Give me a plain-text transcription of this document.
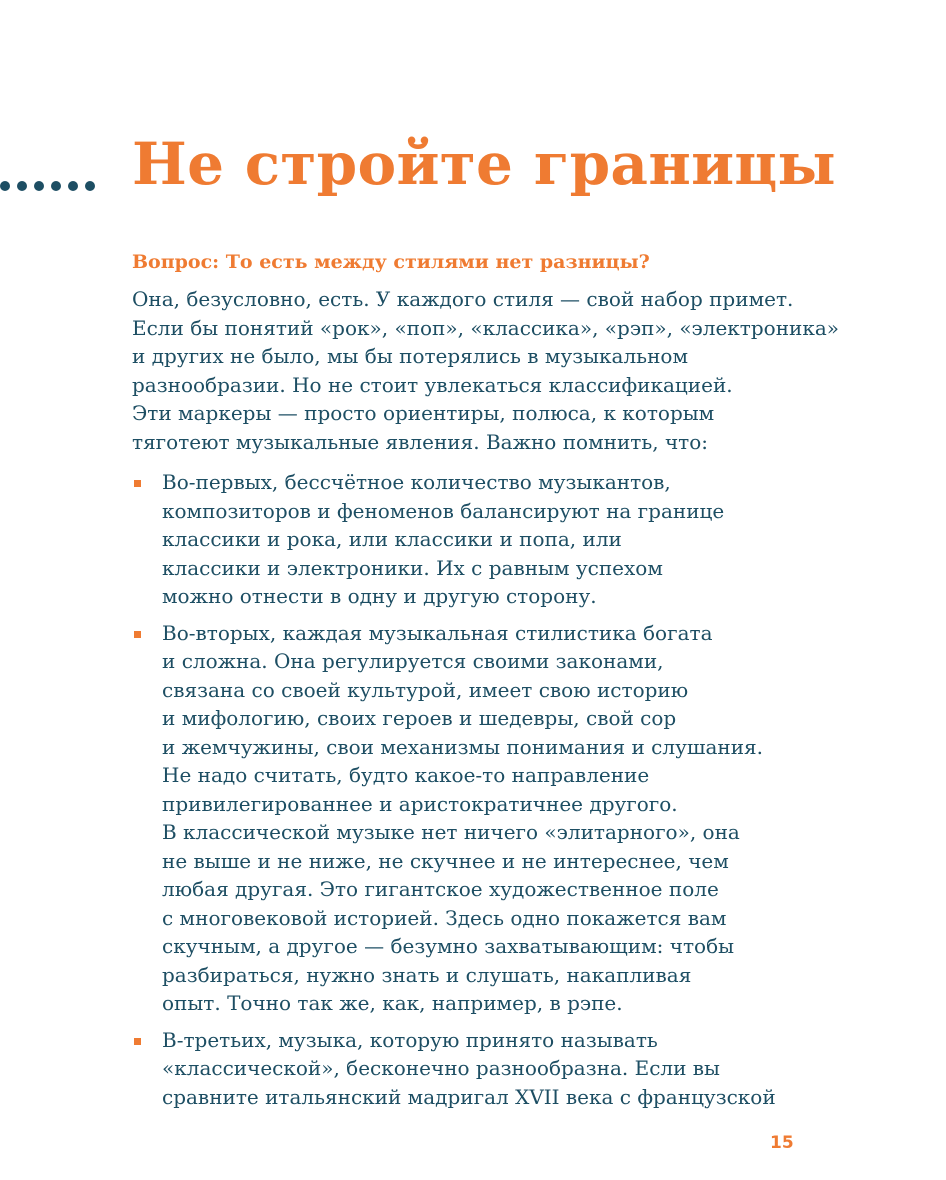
Не стройте границы

Вопрос: То есть между стилями нет разницы?

Она, безусловно, есть. У каждого стиля — свой набор примет.
Если бы понятий «рок», «поп», «классика», «рэп», «электроника»
и других не было, мы бы потерялись в музыкальном
разнообразии. Но не стоит увлекаться классификацией.
Эти маркеры — просто ориентиры, полюса, к которым
тяготеют музыкальные явления. Важно помнить, что:
Во-первых, бессчётное количество музыкантов,
композиторов и феноменов балансируют на границе
классики и рока, или классики и попа, или
классики и электроники. Их с равным успехом
можно отнести в одну и другую сторону.
Во-вторых, каждая музыкальная стилистика богата
и сложна. Она регулируется своими законами,
связана со своей культурой, имеет свою историю
и мифологию, своих героев и шедевры, свой сор
и жемчужины, свои механизмы понимания и слушания.
Не надо считать, будто какое-то направление
привилегированнее и аристократичнее другого.
В классической музыке нет ничего «элитарного», она
не выше и не ниже, не скучнее и не интереснее, чем
любая другая. Это гигантское художественное поле
с многовековой историей. Здесь одно покажется вам
скучным, а другое — безумно захватывающим: чтобы
разбираться, нужно знать и слушать, накапливая
опыт. Точно так же, как, например, в рэпе.
В-третьих, музыка, которую принято называть
«классической», бесконечно разнообразна. Если вы
сравните итальянский мадригал XVII века с французской
15
